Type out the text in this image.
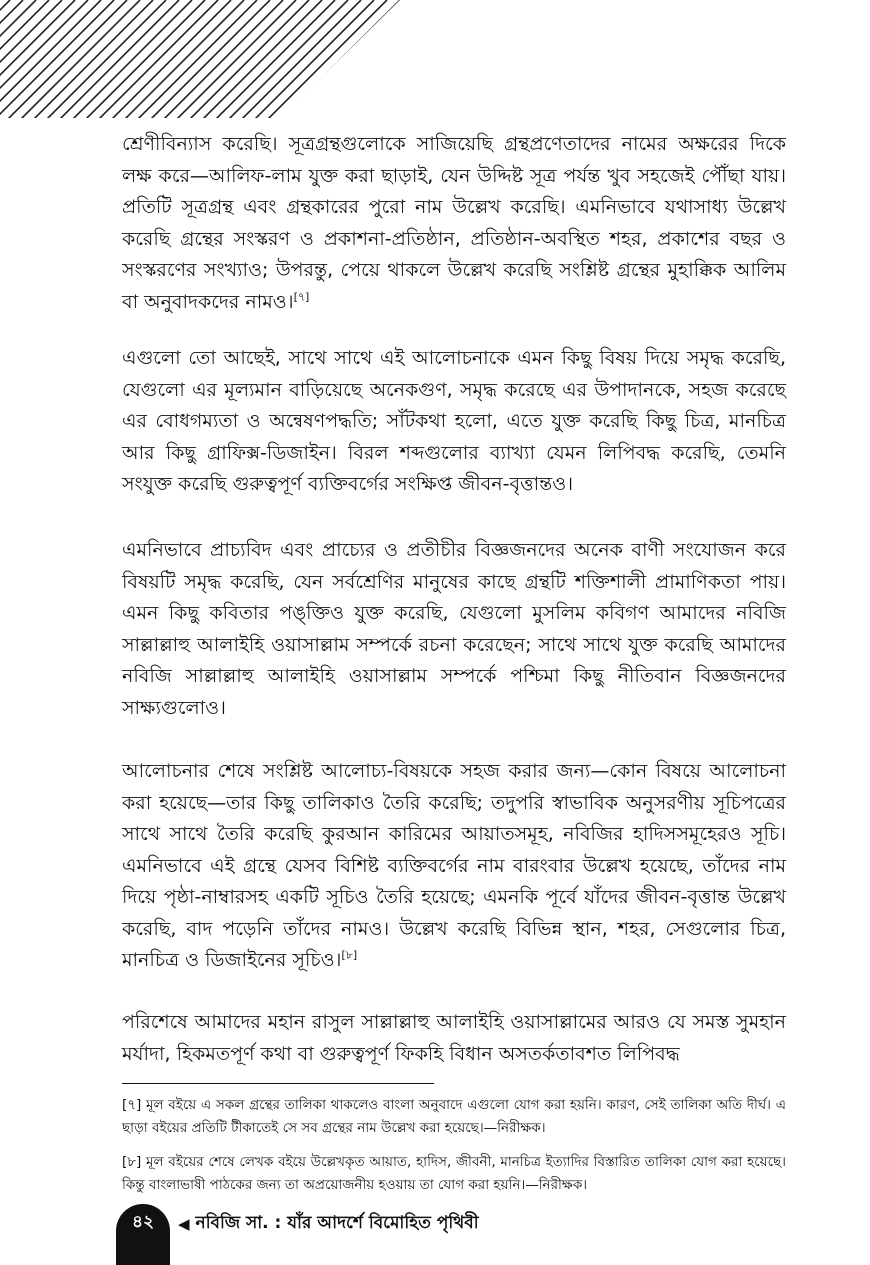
শ্রেণীবিন্যাস করেছি। সূত্রগ্রন্থগুলোকে সাজিয়েছি গ্রন্থপ্রণেতাদের নামের অক্ষরের দিকে লক্ষ করে—আলিফ-লাম যুক্ত করা ছাড়াই, যেন উদ্দিষ্ট সূত্র পর্যন্ত খুব সহজেই পৌঁছা যায়। প্রতিটি সূত্রগ্রন্থ এবং গ্রন্থকারের পুরো নাম উল্লেখ করেছি। এমনিভাবে যথাসাধ্য উল্লেখ করেছি গ্রন্থের সংস্করণ ও প্রকাশনা-প্রতিষ্ঠান, প্রতিষ্ঠান-অবস্থিত শহর, প্রকাশের বছর ও সংস্করণের সংখ্যাও; উপরন্তু, পেয়ে থাকলে উল্লেখ করেছি সংশ্লিষ্ট গ্রন্থের মুহাক্কিক আলিম বা অনুবাদকদের নামও।[৭]

এগুলো তো আছেই, সাথে সাথে এই আলোচনাকে এমন কিছু বিষয় দিয়ে সমৃদ্ধ করেছি, যেগুলো এর মূল্যমান বাড়িয়েছে অনেকগুণ, সমৃদ্ধ করেছে এর উপাদানকে, সহজ করেছে এর বোধগম্যতা ও অন্বেষণপদ্ধতি; সাঁটকথা হলো, এতে যুক্ত করেছি কিছু চিত্র, মানচিত্র আর কিছু গ্রাফিক্স-ডিজাইন। বিরল শব্দগুলোর ব্যাখ্যা যেমন লিপিবদ্ধ করেছি, তেমনি সংযুক্ত করেছি গুরুত্বপূর্ণ ব্যক্তিবর্গের সংক্ষিপ্ত জীবন-বৃত্তান্তও।

এমনিভাবে প্রাচ্যবিদ এবং প্রাচ্যের ও প্রতীচীর বিজ্ঞজনদের অনেক বাণী সংযোজন করে বিষয়টি সমৃদ্ধ করেছি, যেন সর্বশ্রেণির মানুষের কাছে গ্রন্থটি শক্তিশালী প্রামাণিকতা পায়। এমন কিছু কবিতার পঙ্‌ক্তিও যুক্ত করেছি, যেগুলো মুসলিম কবিগণ আমাদের নবিজি সাল্লাল্লাহু আলাইহি ওয়াসাল্লাম সম্পর্কে রচনা করেছেন; সাথে সাথে যুক্ত করেছি আমাদের নবিজি সাল্লাল্লাহু আলাইহি ওয়াসাল্লাম সম্পর্কে পশ্চিমা কিছু নীতিবান বিজ্ঞজনদের সাক্ষ্যগুলোও।

আলোচনার শেষে সংশ্লিষ্ট আলোচ্য-বিষয়কে সহজ করার জন্য—কোন বিষয়ে আলোচনা করা হয়েছে—তার কিছু তালিকাও তৈরি করেছি; তদুপরি স্বাভাবিক অনুসরণীয় সূচিপত্রের সাথে সাথে তৈরি করেছি কুরআন কারিমের আয়াতসমূহ, নবিজির হাদিসসমূহেরও সূচি। এমনিভাবে এই গ্রন্থে যেসব বিশিষ্ট ব্যক্তিবর্গের নাম বারংবার উল্লেখ হয়েছে, তাঁদের নাম দিয়ে পৃষ্ঠা-নাম্বারসহ একটি সূচিও তৈরি হয়েছে; এমনকি পূর্বে যাঁদের জীবন-বৃত্তান্ত উল্লেখ করেছি, বাদ পড়েনি তাঁদের নামও। উল্লেখ করেছি বিভিন্ন স্থান, শহর, সেগুলোর চিত্র, মানচিত্র ও ডিজাইনের সূচিও।[৮]

পরিশেষে আমাদের মহান রাসুল সাল্লাল্লাহু আলাইহি ওয়াসাল্লামের আরও যে সমস্ত সুমহান মর্যাদা, হিকমতপূর্ণ কথা বা গুরুত্বপূর্ণ ফিকহি বিধান অসতর্কতাবশত লিপিবদ্ধ

[৭] মূল বইয়ে এ সকল গ্রন্থের তালিকা থাকলেও বাংলা অনুবাদে এগুলো যোগ করা হয়নি। কারণ, সেই তালিকা অতি দীর্ঘ। এ ছাড়া বইয়ের প্রতিটি টীকাতেই সে সব গ্রন্থের নাম উল্লেখ করা হয়েছে।—নিরীক্ষক।

[৮] মূল বইয়ের শেষে লেখক বইয়ে উল্লেখকৃত আয়াত, হাদিস, জীবনী, মানচিত্র ইত্যাদির বিস্তারিত তালিকা যোগ করা হয়েছে। কিন্তু বাংলাভাষী পাঠকের জন্য তা অপ্রয়োজনীয় হওয়ায় তা যোগ করা হয়নি।—নিরীক্ষক।

৪২	◀ নবিজি সা. : যাঁর আদর্শে বিমোহিত পৃথিবী
